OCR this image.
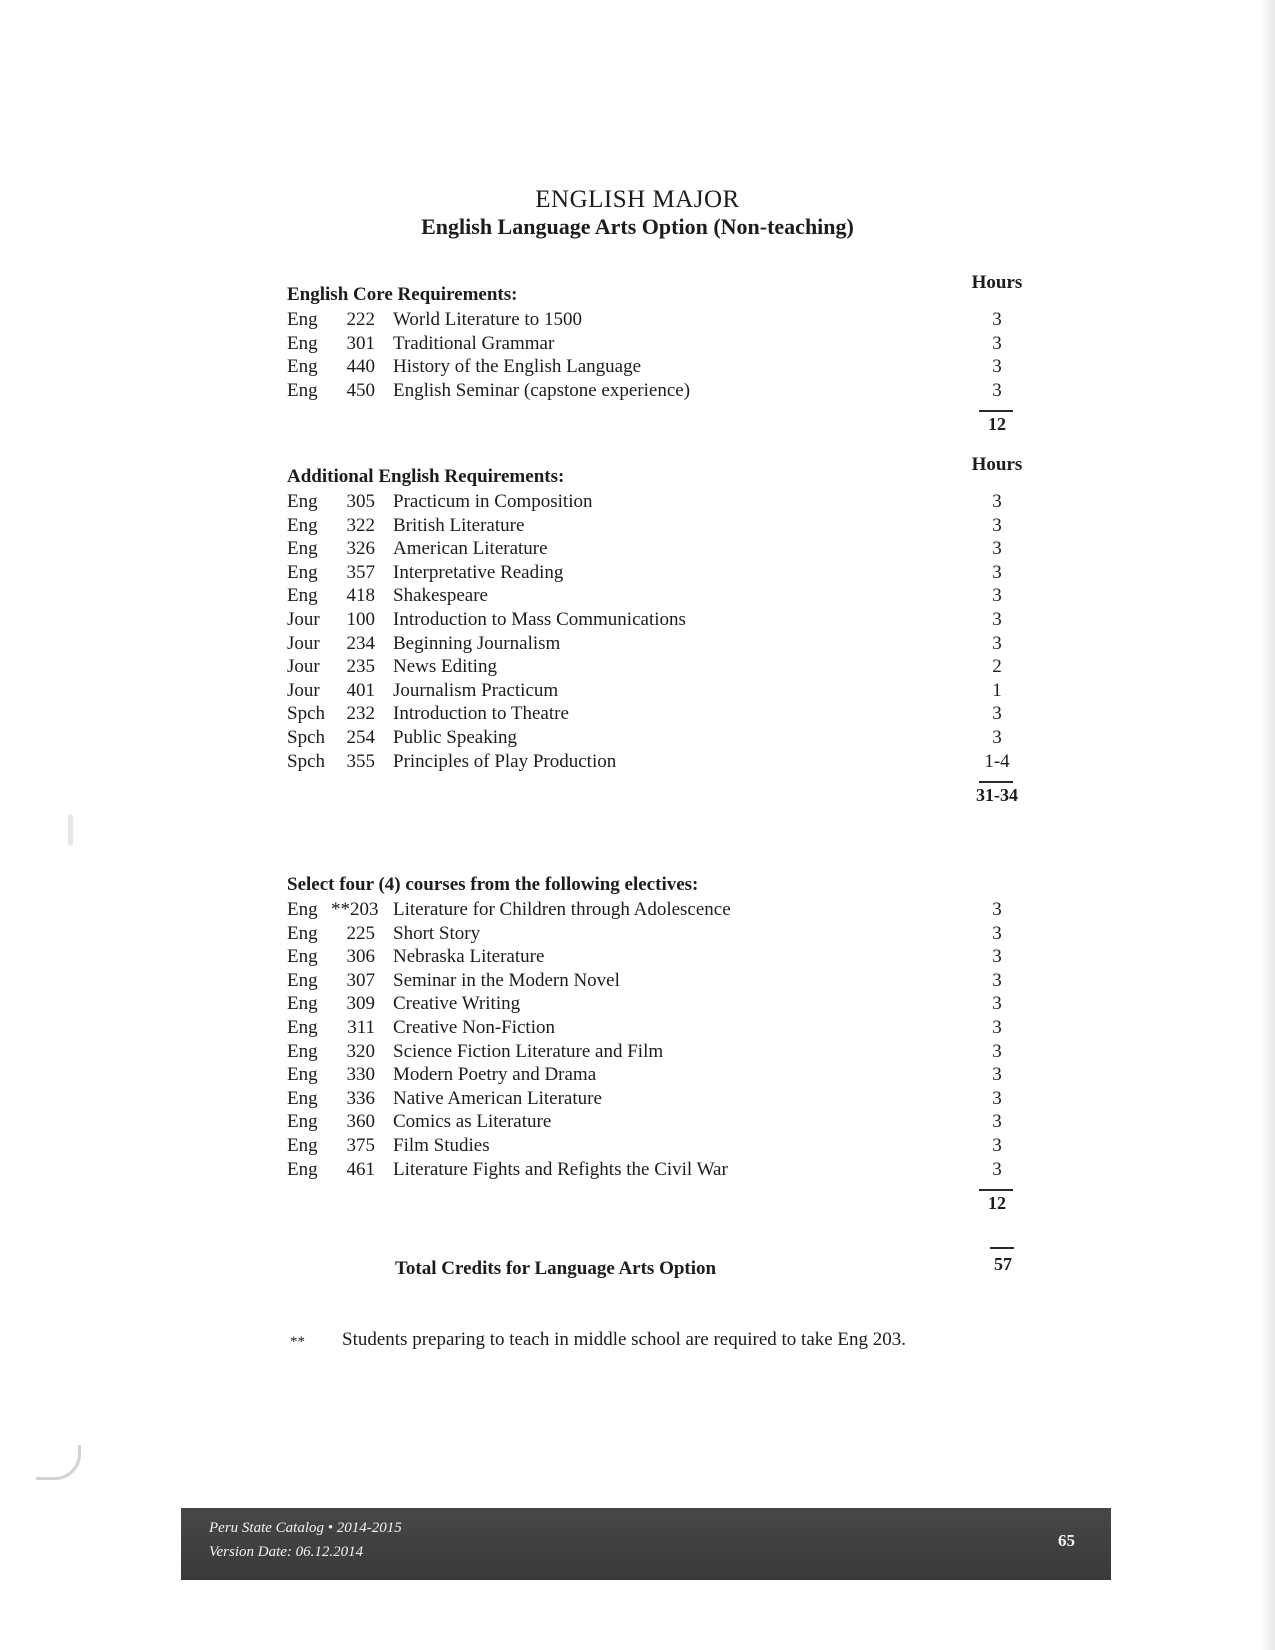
ENGLISH MAJOR
English Language Arts Option (Non-teaching)
English Core Requirements:
Hours
Eng	222 World Literature to 1500	3
Eng	301 Traditional Grammar	3
Eng	440 History of the English Language	3
Eng	450 English Seminar (capstone experience)	3
12
Additional English Requirements:
Hours
Eng	305 Practicum in Composition	3
Eng	322 British Literature	3
Eng	326 American Literature	3
Eng	357 Interpretative Reading	3
Eng	418 Shakespeare	3
Jour	100 Introduction to Mass Communications	3
Jour	234 Beginning Journalism	3
Jour	235 News Editing	2
Jour	401 Journalism Practicum	1
Spch	232 Introduction to Theatre	3
Spch	254 Public Speaking	3
Spch	355 Principles of Play Production	1-4
31-34
Select four (4) courses from the following electives:
Eng **203 Literature for Children through Adolescence	3
Eng	225 Short Story	3
Eng	306 Nebraska Literature	3
Eng	307 Seminar in the Modern Novel	3
Eng	309 Creative Writing	3
Eng	311 Creative Non-Fiction	3
Eng	320 Science Fiction Literature and Film	3
Eng	330 Modern Poetry and Drama	3
Eng	336 Native American Literature	3
Eng	360 Comics as Literature	3
Eng	375 Film Studies	3
Eng	461 Literature Fights and Refights the Civil War	3
12
Total Credits for Language Arts Option	57
** Students preparing to teach in middle school are required to take Eng 203.
Peru State Catalog • 2014-2015
Version Date: 06.12.2014
65
